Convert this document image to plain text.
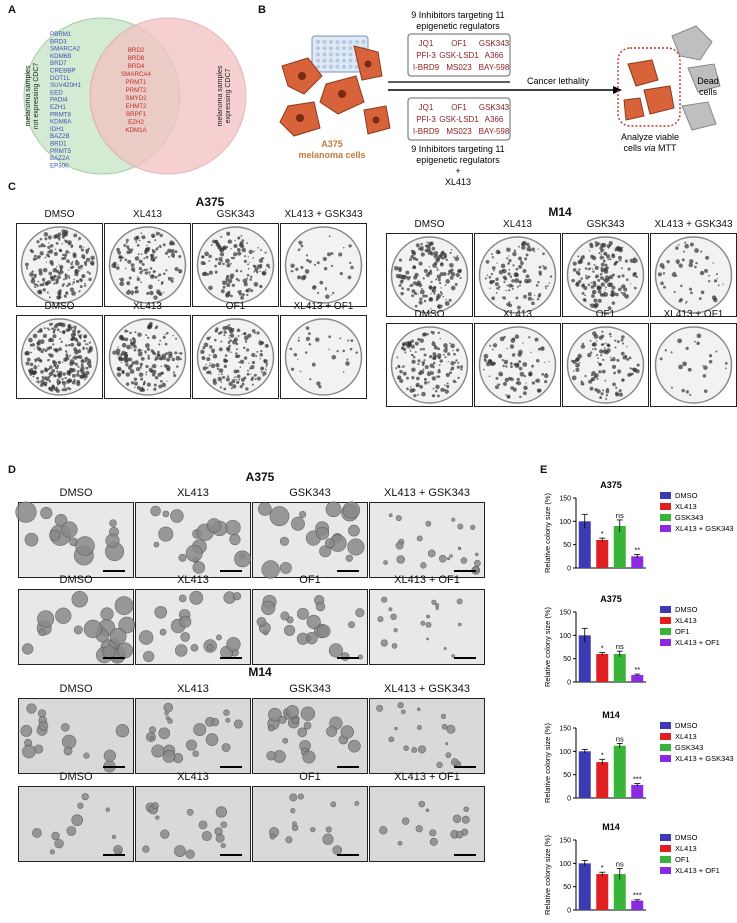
A
PBRM1
BRD3
SMARCA2
KDM6B
BRD7
CREBBP
DOT1L
SUV420H1
EED
PADI4
EZH1
PRMT8
KDM6A
IDH1
BAZ2B
BRD1
PRMT5
BAZ2A
EP300
BRD2
BRD8
BRD4
SMARCA4
PRMT1
PRMT2
SMYD2
EHMT2
BRPF1
EZH2
KDM1A
melanoma samplesnot expressing CDC7	melanoma samplesexpressing CDC7
B
A375
melanoma cells
9 Inhibitors targeting 11
epigenetic regulators
JQ1 OF1 GSK343
PFI-3 GSK-LSD1 A366
I-BRD9 MS023 BAY-598
Cancer lethality
JQ1 OF1 GSK343
PFI-3 GSK-LSD1 A366
I-BRD9 MS023 BAY-598
9 Inhibitors targeting 11
epigenetic regulators
+
XL413
Dead
cells
Analyze viable
cells via MTT
C
A375
M14
DMSO	XL413	GSK343	XL413 + GSK343
DMSO	XL413	OF1	XL413 + OF1
DMSO	XL413	GSK343	XL413 + GSK343
DMSO	XL413	OF1	XL413 + OF1
D	A375
M14
DMSO	XL413	GSK343	XL413 + GSK343
DMSO	XL413	OF1	XL413 + OF1
DMSO	XL413	GSK343	XL413 + GSK343
DMSO	XL413	OF1	XL413 + OF1
E
A375
Relative colony size (%) 0
50
100
150
*
ns
**
DMSO
XL413
GSK343
XL413 + GSK343
A375
Relative colony size (%) 0
50
100
150
* ns
**
DMSO
XL413
OF1
XL413 + OF1
M14
Relative colony size (%) 0
50
100
150
*
ns
***
DMSO
XL413
GSK343
XL413 + GSK343
M14
Relative colony size (%) 0
50
100
150
* ns
***
DMSO
XL413
OF1
XL413 + OF1
